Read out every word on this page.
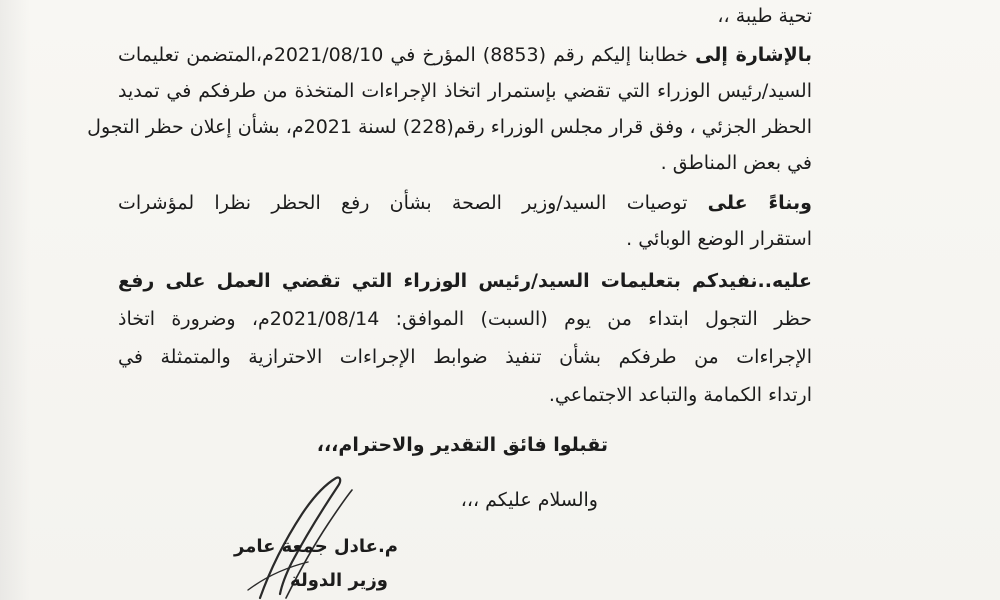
تحية طيبة ،،
بالإشارة إلى خطابنا إليكم رقم (8853) المؤرخ في 2021/08/10م،المتضمن تعليمات
السيد/رئيس الوزراء التي تقضي بإستمرار اتخاذ الإجراءات المتخذة من طرفكم في تمديد
الحظر الجزئي ، وفق قرار مجلس الوزراء رقم(228) لسنة 2021م، بشأن إعلان حظر التجول
في بعض المناطق .
وبناءً على توصيات السيد/وزير الصحة بشأن رفع الحظر نظرا لمؤشرات
استقرار الوضع الوبائي .
عليه..نفيدكم بتعليمات السيد/رئيس الوزراء التي تقضي العمل على رفع
حظر التجول ابتداء من يوم (السبت) الموافق: 2021/08/14م، وضرورة اتخاذ
الإجراءات من طرفكم بشأن تنفيذ ضوابط الإجراءات الاحترازية والمتمثلة في
ارتداء الكمامة والتباعد الاجتماعي.
تقبلوا فائق التقدير والاحترام،،،
والسلام عليكم ،،،
م.عادل جمعة عامر
وزير الدولة
